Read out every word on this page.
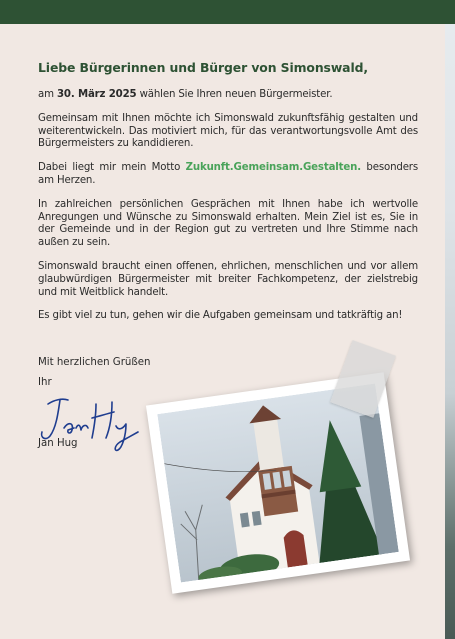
Liebe Bürgerinnen und Bürger von Simonswald,

am 30. März 2025 wählen Sie Ihren neuen Bürgermeister.

Gemeinsam mit Ihnen möchte ich Simonswald zukunftsfähig gestalten und weiterentwickeln. Das motiviert mich, für das verantwortungsvolle Amt des Bürgermeisters zu kandidieren.

Dabei liegt mir mein Motto Zukunft.Gemeinsam.Gestalten. besonders am Herzen.

In zahlreichen persönlichen Gesprächen mit Ihnen habe ich wertvolle Anregungen und Wünsche zu Simonswald erhalten. Mein Ziel ist es, Sie in der Gemeinde und in der Region gut zu vertreten und Ihre Stimme nach außen zu sein.

Simonswald braucht einen offenen, ehrlichen, menschlichen und vor allem glaubwürdigen Bürgermeister mit breiter Fachkompetenz, der zielstrebig und mit Weitblick handelt.

Es gibt viel zu tun, gehen wir die Aufgaben gemeinsam und tatkräftig an!

Mit herzlichen Grüßen
Ihr
Jan Hug
